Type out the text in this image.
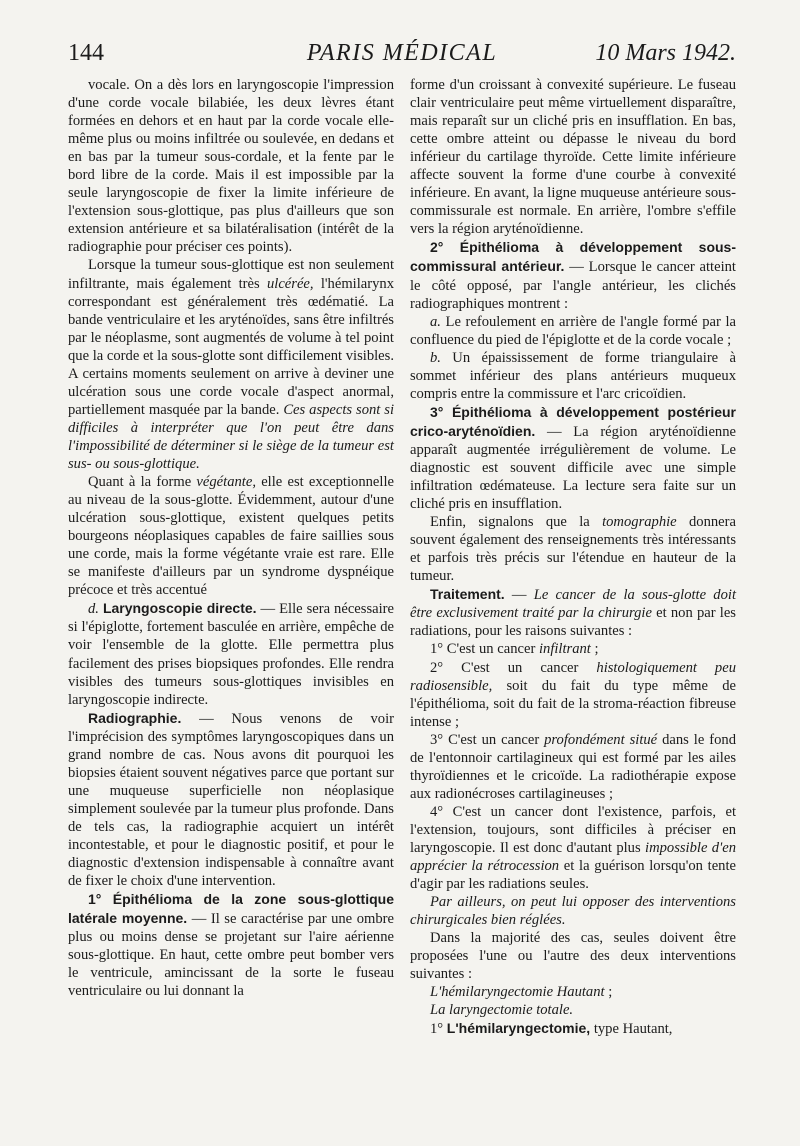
144	PARIS MÉDICAL	10 Mars 1942.

vocale. On a dès lors en laryngoscopie l'impression d'une corde vocale bilabiée, les deux lèvres étant formées en dehors et en haut par la corde vocale elle-même plus ou moins infiltrée ou soulevée, en dedans et en bas par la tumeur sous-cordale, et la fente par le bord libre de la corde. Mais il est impossible par la seule laryngoscopie de fixer la limite inférieure de l'extension sous-glottique, pas plus d'ailleurs que son extension antérieure et sa bilatéralisation (intérêt de la radiographie pour préciser ces points).

Lorsque la tumeur sous-glottique est non seulement infiltrante, mais également très ulcérée, l'hémilarynx correspondant est généralement très œdématié. La bande ventriculaire et les aryténoïdes, sans être infiltrés par le néoplasme, sont augmentés de volume à tel point que la corde et la sous-glotte sont difficilement visibles. A certains moments seulement on arrive à deviner une ulcération sous une corde vocale d'aspect anormal, partiellement masquée par la bande. Ces aspects sont si difficiles à interpréter que l'on peut être dans l'impossibilité de déterminer si le siège de la tumeur est sus- ou sous-glottique.

Quant à la forme végétante, elle est exceptionnelle au niveau de la sous-glotte. Évidemment, autour d'une ulcération sous-glottique, existent quelques petits bourgeons néoplasiques capables de faire saillies sous une corde, mais la forme végétante vraie est rare. Elle se manifeste d'ailleurs par un syndrome dyspnéique précoce et très accentué

d. Laryngoscopie directe. — Elle sera nécessaire si l'épiglotte, fortement basculée en arrière, empêche de voir l'ensemble de la glotte. Elle permettra plus facilement des prises biopsiques profondes. Elle rendra visibles des tumeurs sous-glottiques invisibles en laryngoscopie indirecte.

Radiographie. — Nous venons de voir l'imprécision des symptômes laryngoscopiques dans un grand nombre de cas. Nous avons dit pourquoi les biopsies étaient souvent négatives parce que portant sur une muqueuse superficielle non néoplasique simplement soulevée par la tumeur plus profonde. Dans de tels cas, la radiographie acquiert un intérêt incontestable, et pour le diagnostic positif, et pour le diagnostic d'extension indispensable à connaître avant de fixer le choix d'une intervention.

1° Épithélioma de la zone sous-glottique latérale moyenne. — Il se caractérise par une ombre plus ou moins dense se projetant sur l'aire aérienne sous-glottique. En haut, cette ombre peut bomber vers le ventricule, amincissant de la sorte le fuseau ventriculaire ou lui donnant la

forme d'un croissant à convexité supérieure. Le fuseau clair ventriculaire peut même virtuellement disparaître, mais reparaît sur un cliché pris en insufflation. En bas, cette ombre atteint ou dépasse le niveau du bord inférieur du cartilage thyroïde. Cette limite inférieure affecte souvent la forme d'une courbe à convexité inférieure. En avant, la ligne muqueuse antérieure sous-commissurale est normale. En arrière, l'ombre s'effile vers la région aryténoïdienne.

2° Épithélioma à développement sous-commissural antérieur. — Lorsque le cancer atteint le côté opposé, par l'angle antérieur, les clichés radiographiques montrent :

a. Le refoulement en arrière de l'angle formé par la confluence du pied de l'épiglotte et de la corde vocale ;

b. Un épaississement de forme triangulaire à sommet inférieur des plans antérieurs muqueux compris entre la commissure et l'arc cricoïdien.

3° Épithélioma à développement postérieur crico-aryténoïdien. — La région aryténoïdienne apparaît augmentée irrégulièrement de volume. Le diagnostic est souvent difficile avec une simple infiltration œdémateuse. La lecture sera faite sur un cliché pris en insufflation.

Enfin, signalons que la tomographie donnera souvent également des renseignements très intéressants et parfois très précis sur l'étendue en hauteur de la tumeur.

Traitement. — Le cancer de la sous-glotte doit être exclusivement traité par la chirurgie et non par les radiations, pour les raisons suivantes :

1° C'est un cancer infiltrant ;

2° C'est un cancer histologiquement peu radiosensible, soit du fait du type même de l'épithélioma, soit du fait de la stroma-réaction fibreuse intense ;

3° C'est un cancer profondément situé dans le fond de l'entonnoir cartilagineux qui est formé par les ailes thyroïdiennes et le cricoïde. La radiothérapie expose aux radionécroses cartilagineuses ;

4° C'est un cancer dont l'existence, parfois, et l'extension, toujours, sont difficiles à préciser en laryngoscopie. Il est donc d'autant plus impossible d'en apprécier la rétrocession et la guérison lorsqu'on tente d'agir par les radiations seules.

Par ailleurs, on peut lui opposer des interventions chirurgicales bien réglées.

Dans la majorité des cas, seules doivent être proposées l'une ou l'autre des deux interventions suivantes :

L'hémilaryngectomie Hautant ;

La laryngectomie totale.

1° L'hémilaryngectomie, type Hautant,
